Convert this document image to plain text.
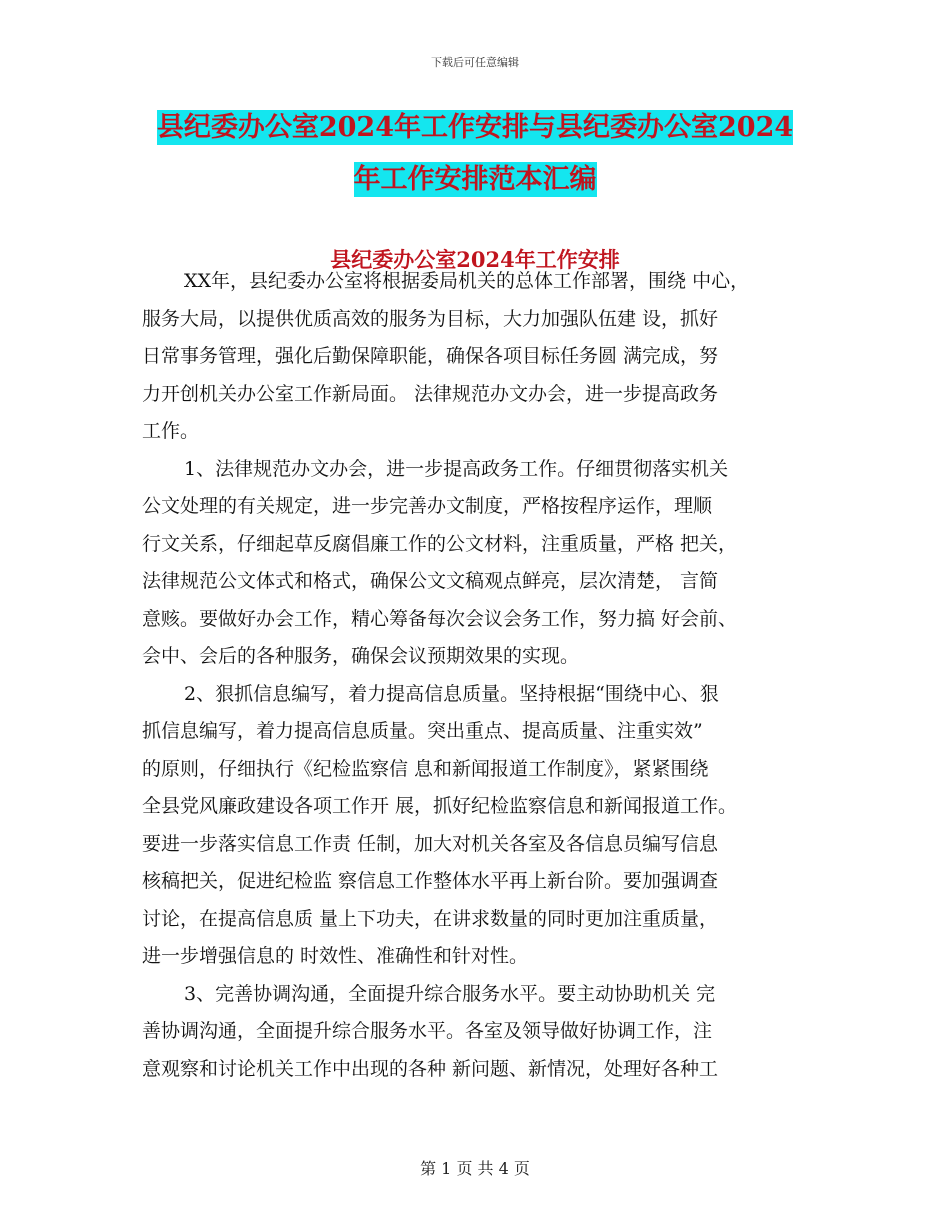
下载后可任意编辑
县纪委办公室2024年工作安排与县纪委办公室2024
年工作安排范本汇编
县纪委办公室2024年工作安排

XX年，县纪委办公室将根据委局机关的总体工作部署，围绕 中心，
服务大局，以提供优质高效的服务为目标，大力加强队伍建 设，抓好
日常事务管理，强化后勤保障职能，确保各项目标任务圆 满完成，努
力开创机关办公室工作新局面。 法律规范办文办会，进一步提高政务
工作。

1、法律规范办文办会，进一步提高政务工作。仔细贯彻落实机关
公文处理的有关规定，进一步完善办文制度，严格按程序运作，理顺
行文关系，仔细起草反腐倡廉工作的公文材料，注重质量，严格 把关，
法律规范公文体式和格式，确保公文文稿观点鲜亮，层次清楚， 言简
意赅。要做好办会工作，精心筹备每次会议会务工作，努力搞 好会前、
会中、会后的各种服务，确保会议预期效果的实现。

2、狠抓信息编写，着力提高信息质量。坚持根据“围绕中心、狠
抓信息编写，着力提高信息质量。突出重点、提高质量、注重实效”
的原则，仔细执行《纪检监察信 息和新闻报道工作制度》，紧紧围绕
全县党风廉政建设各项工作开 展，抓好纪检监察信息和新闻报道工作。
要进一步落实信息工作责 任制，加大对机关各室及各信息员编写信息
核稿把关，促进纪检监 察信息工作整体水平再上新台阶。要加强调查
讨论，在提高信息质 量上下功夫，在讲求数量的同时更加注重质量，
进一步增强信息的 时效性、准确性和针对性。

3、完善协调沟通，全面提升综合服务水平。要主动协助机关 完
善协调沟通，全面提升综合服务水平。各室及领导做好协调工作，注
意观察和讨论机关工作中出现的各种 新问题、新情况，处理好各种工

第 1 页 共 4 页
